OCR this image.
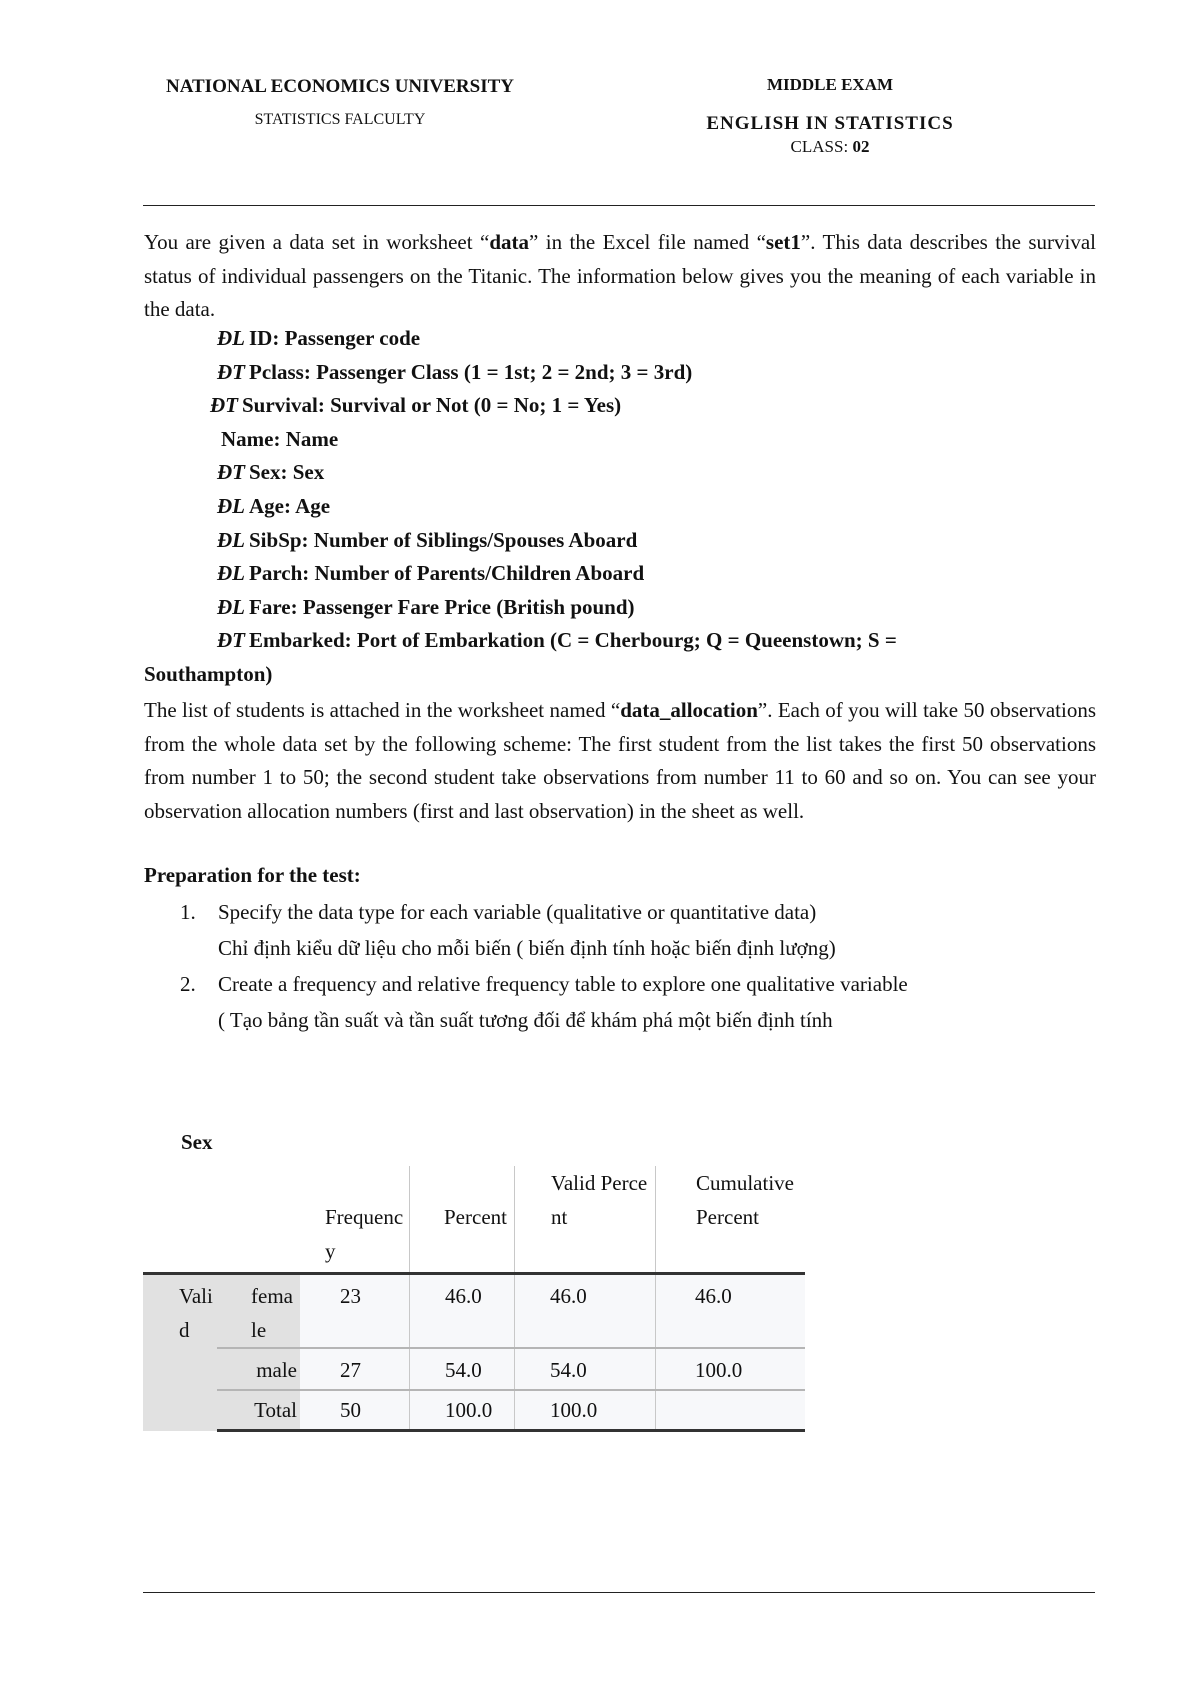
NATIONAL ECONOMICS UNIVERSITY
STATISTICS FALCULTY
MIDDLE EXAM
ENGLISH IN STATISTICS
CLASS: 02

You are given a data set in worksheet “data” in the Excel file named “set1”. This data describes the survival status of individual passengers on the Titanic. The information below gives you the meaning of each variable in the data.

ĐL ID: Passenger code
ĐT Pclass: Passenger Class (1 = 1st; 2 = 2nd; 3 = 3rd)
ĐT Survival: Survival or Not (0 = No; 1 = Yes)
Name: Name
ĐT Sex: Sex
ĐL Age: Age
ĐL SibSp: Number of Siblings/Spouses Aboard
ĐL Parch: Number of Parents/Children Aboard
ĐL Fare: Passenger Fare Price (British pound)
ĐT Embarked: Port of Embarkation (C = Cherbourg; Q = Queenstown; S =
Southampton)

The list of students is attached in the worksheet named “data_allocation”. Each of you will take 50 observations from the whole data set by the following scheme: The first student from the list takes the first 50 observations from number 1 to 50; the second student take observations from number 11 to 60 and so on. You can see your observation allocation numbers (first and last observation) in the sheet as well.

Preparation for the test:
1. Specify the data type for each variable (qualitative or quantitative data)
Chỉ định kiểu dữ liệu cho mỗi biến ( biến định tính hoặc biến định lượng)
2. Create a frequency and relative frequency table to explore one qualitative variable
( Tạo bảng tần suất và tần suất tương đối để khám phá một biến định tính
Sex

		Frequency	Percent	Valid Percent	Cumulative Percent

Valid	female	23	46.0	46.0	46.0

	male	27	54.0	54.0	100.0

	Total	50	100.0	100.0	
